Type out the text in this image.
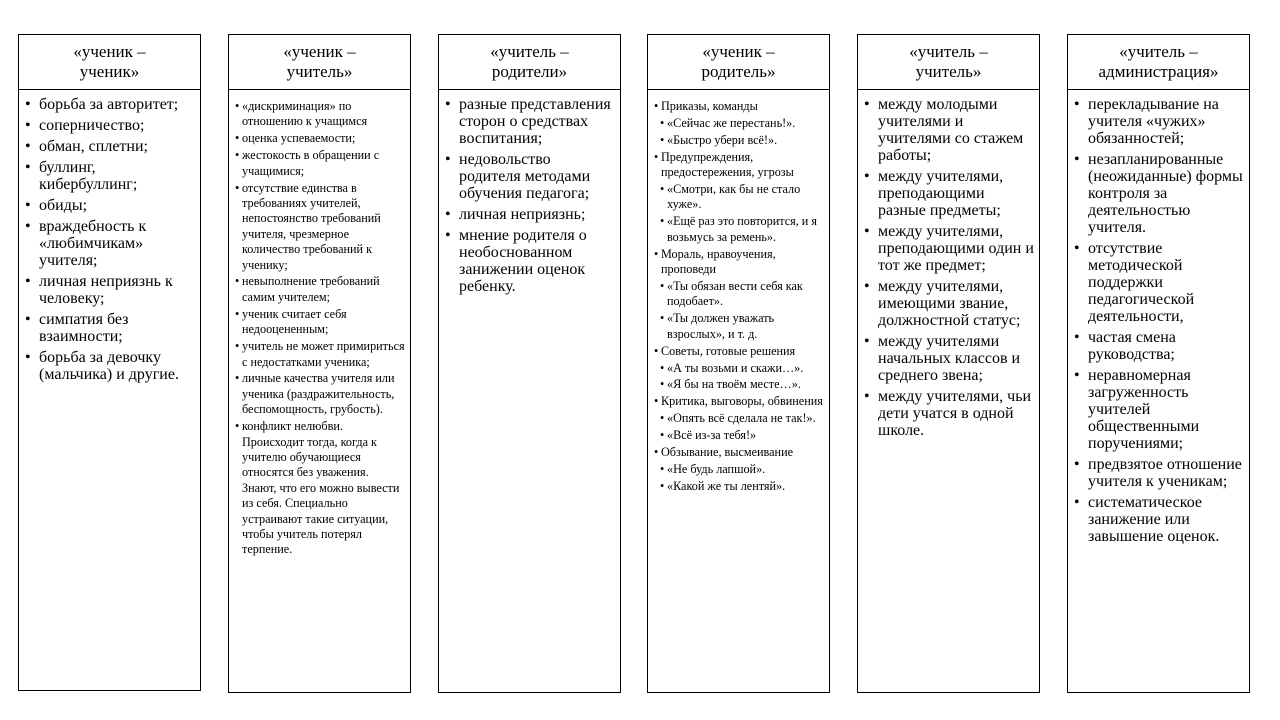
«ученик –
ученик»
• борьба за авторитет;
• соперничество;
• обман, сплетни;
• буллинг, кибербуллинг;
• обиды;
• враждебность к «любимчикам» учителя;
• личная неприязнь к человеку;
• симпатия без взаимности;
• борьба за девочку (мальчика) и другие.
«ученик –
учитель»
• «дискриминация» по отношению к учащимся
• оценка успеваемости;
• жестокость в обращении с учащимися;
• отсутствие единства в требованиях учителей, непостоянство требований учителя, чрезмерное количество требований к ученику;
• невыполнение требований самим учителем;
• ученик считает себя недооцененным;
• учитель не может примириться с недостатками ученика;
• личные качества учителя или ученика (раздражительность, беспомощность, грубость).
• конфликт нелюбви. Происходит тогда, когда к учителю обучающиеся относятся без уважения. Знают, что его можно вывести из себя. Специально устраивают такие ситуации, чтобы учитель потерял терпение.
«учитель –
родители»
• разные представления сторон о средствах воспитания;
• недовольство родителя методами обучения педагога;
• личная неприязнь;
• мнение родителя о необоснованном занижении оценок ребенку.
«ученик –
родитель»
• Приказы, команды
• «Сейчас же перестань!».
• «Быстро убери всё!».
• Предупреждения, предостережения, угрозы
• «Смотри, как бы не стало хуже».
• «Ещё раз это повторится, и я возьмусь за ремень».
• Мораль, нравоучения, проповеди
• «Ты обязан вести себя как подобает».
• «Ты должен уважать взрослых», и т. д.
• Советы, готовые решения
• «А ты возьми и скажи…».
• «Я бы на твоём месте…».
• Критика, выговоры, обвинения
• «Опять всё сделала не так!».
• «Всё из-за тебя!»
• Обзывание, высмеивание
• «Не будь лапшой».
• «Какой же ты лентяй».
«учитель –
учитель»
• между молодыми учителями и учителями со стажем работы;
• между учителями, преподающими разные предметы;
• между учителями, преподающими один и тот же предмет;
• между учителями, имеющими звание, должностной статус;
• между учителями начальных классов и среднего звена;
• между учителями, чьи дети учатся в одной школе.
«учитель –
администрация»
• перекладывание на учителя «чужих» обязанностей;
• незапланированные (неожиданные) формы контроля за деятельностью учителя.
• отсутствие методической поддержки педагогической деятельности,
• частая смена руководства;
• неравномерная загруженность учителей общественными поручениями;
• предвзятое отношение учителя к ученикам;
• систематическое занижение или завышение оценок.
